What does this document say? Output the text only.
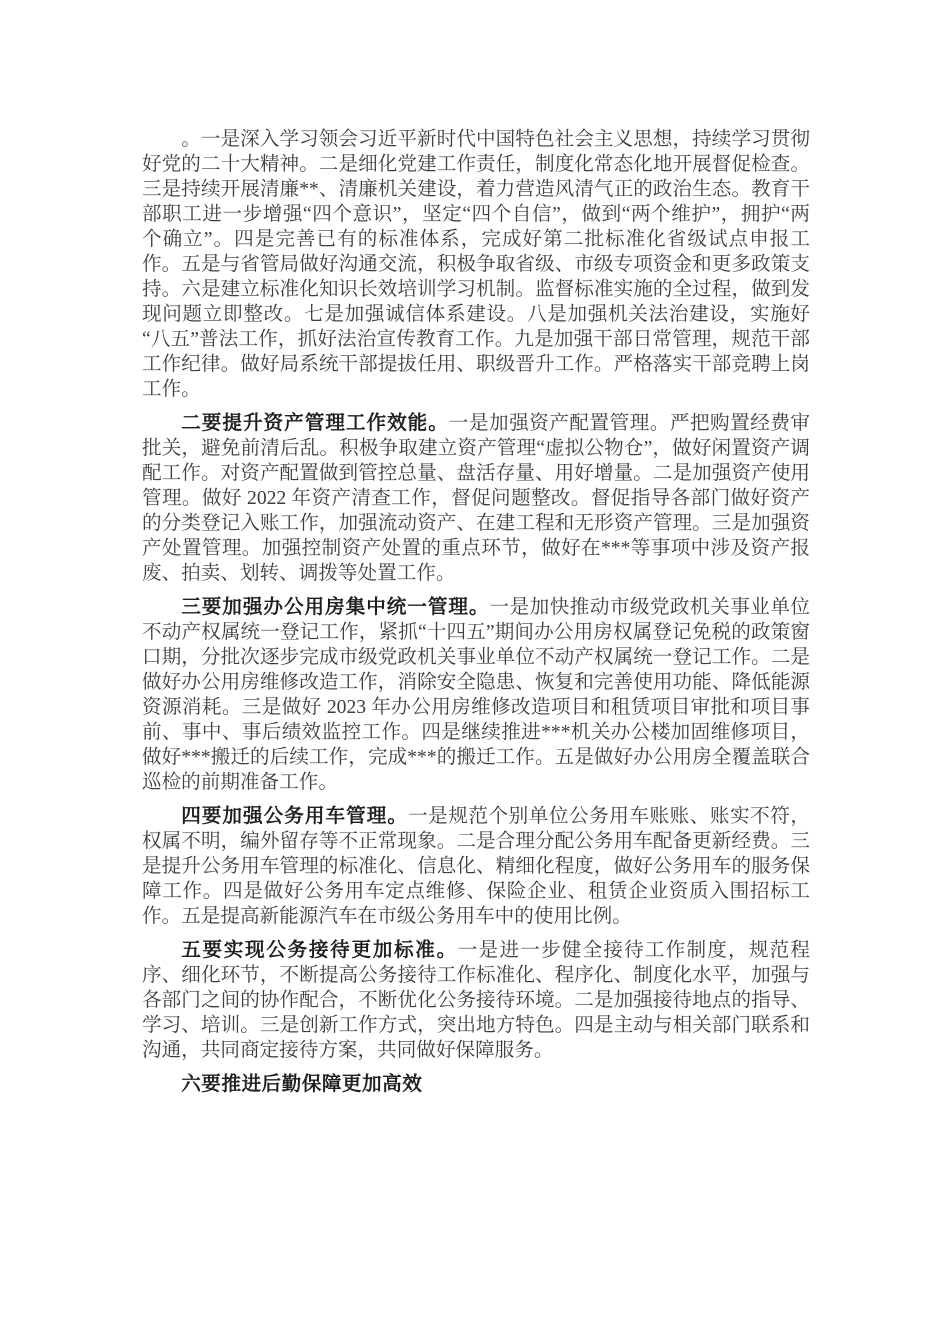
。一是深入学习领会习近平新时代中国特色社会主义思想，持续学习贯彻好党的二十大精神。二是细化党建工作责任，制度化常态化地开展督促检查。三是持续开展清廉**、清廉机关建设，着力营造风清气正的政治生态。教育干部职工进一步增强“四个意识”，坚定“四个自信”，做到“两个维护”，拥护“两个确立”。四是完善已有的标准体系，完成好第二批标准化省级试点申报工作。五是与省管局做好沟通交流，积极争取省级、市级专项资金和更多政策支持。六是建立标准化知识长效培训学习机制。监督标准实施的全过程，做到发现问题立即整改。七是加强诚信体系建设。八是加强机关法治建设，实施好“八五”普法工作，抓好法治宣传教育工作。九是加强干部日常管理，规范干部工作纪律。做好局系统干部提拔任用、职级晋升工作。严格落实干部竞聘上岗工作。

二要提升资产管理工作效能。一是加强资产配置管理。严把购置经费审批关，避免前清后乱。积极争取建立资产管理“虚拟公物仓”，做好闲置资产调配工作。对资产配置做到管控总量、盘活存量、用好增量。二是加强资产使用管理。做好 2022 年资产清查工作，督促问题整改。督促指导各部门做好资产的分类登记入账工作，加强流动资产、在建工程和无形资产管理。三是加强资产处置管理。加强控制资产处置的重点环节，做好在***等事项中涉及资产报废、拍卖、划转、调拨等处置工作。

三要加强办公用房集中统一管理。一是加快推动市级党政机关事业单位不动产权属统一登记工作，紧抓“十四五”期间办公用房权属登记免税的政策窗口期，分批次逐步完成市级党政机关事业单位不动产权属统一登记工作。二是做好办公用房维修改造工作，消除安全隐患、恢复和完善使用功能、降低能源资源消耗。三是做好 2023 年办公用房维修改造项目和租赁项目审批和项目事前、事中、事后绩效监控工作。四是继续推进***机关办公楼加固维修项目，做好***搬迁的后续工作，完成***的搬迁工作。五是做好办公用房全覆盖联合巡检的前期准备工作。

四要加强公务用车管理。一是规范个别单位公务用车账账、账实不符，权属不明，编外留存等不正常现象。二是合理分配公务用车配备更新经费。三是提升公务用车管理的标准化、信息化、精细化程度，做好公务用车的服务保障工作。四是做好公务用车定点维修、保险企业、租赁企业资质入围招标工作。五是提高新能源汽车在市级公务用车中的使用比例。

五要实现公务接待更加标准。一是进一步健全接待工作制度，规范程序、细化环节，不断提高公务接待工作标准化、程序化、制度化水平，加强与各部门之间的协作配合，不断优化公务接待环境。二是加强接待地点的指导、学习、培训。三是创新工作方式，突出地方特色。四是主动与相关部门联系和沟通，共同商定接待方案，共同做好保障服务。

六要推进后勤保障更加高效
